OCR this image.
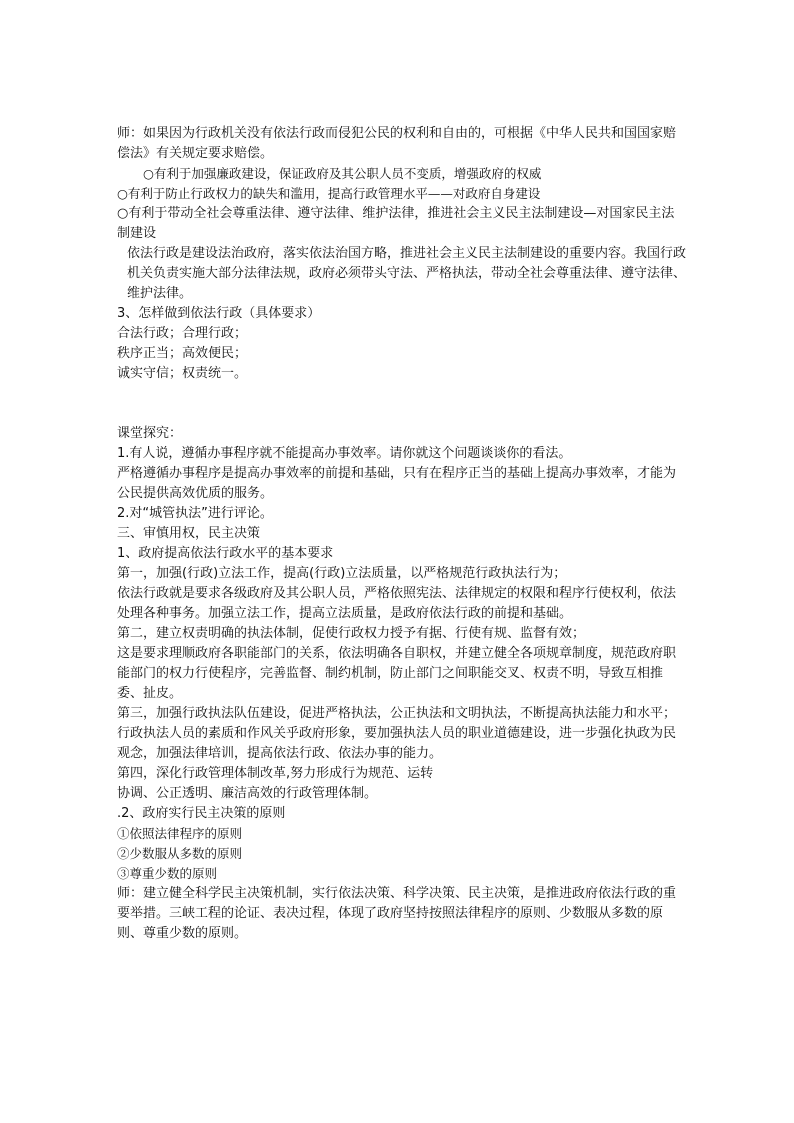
师：如果因为行政机关没有依法行政而侵犯公民的权利和自由的，可根据《中华人民共和国国家赔偿法》有关规定要求赔偿。

○有利于加强廉政建设，保证政府及其公职人员不变质，增强政府的权威

○有利于防止行政权力的缺失和滥用，提高行政管理水平——对政府自身建设

○有利于带动全社会尊重法律、遵守法律、维护法律，推进社会主义民主法制建设—对国家民主法制建设

依法行政是建设法治政府，落实依法治国方略，推进社会主义民主法制建设的重要内容。我国行政机关负责实施大部分法律法规，政府必须带头守法、严格执法，带动全社会尊重法律、遵守法律、维护法律。

3、怎样做到依法行政（具体要求）

合法行政；合理行政；

秩序正当；高效便民；

诚实守信；权责统一。

课堂探究：

1.有人说，遵循办事程序就不能提高办事效率。请你就这个问题谈谈你的看法。

严格遵循办事程序是提高办事效率的前提和基础，只有在程序正当的基础上提高办事效率，才能为公民提供高效优质的服务。

2.对“城管执法”进行评论。

三、审慎用权，民主决策

1、政府提高依法行政水平的基本要求

第一，加强(行政)立法工作，提高(行政)立法质量，以严格规范行政执法行为；

依法行政就是要求各级政府及其公职人员，严格依照宪法、法律规定的权限和程序行使权利，依法处理各种事务。加强立法工作，提高立法质量，是政府依法行政的前提和基础。

第二，建立权责明确的执法体制，促使行政权力授予有据、行使有规、监督有效；

这是要求理顺政府各职能部门的关系，依法明确各自职权，并建立健全各项规章制度，规范政府职能部门的权力行使程序，完善监督、制约机制，防止部门之间职能交叉、权责不明，导致互相推委、扯皮。

第三，加强行政执法队伍建设，促进严格执法，公正执法和文明执法，不断提高执法能力和水平；

行政执法人员的素质和作风关乎政府形象，要加强执法人员的职业道德建设，进一步强化执政为民观念，加强法律培训，提高依法行政、依法办事的能力。

第四，深化行政管理体制改革,努力形成行为规范、运转

协调、公正透明、廉洁高效的行政管理体制。

.2、政府实行民主决策的原则

①依照法律程序的原则

②少数服从多数的原则

③尊重少数的原则

师：建立健全科学民主决策机制，实行依法决策、科学决策、民主决策，是推进政府依法行政的重要举措。三峡工程的论证、表决过程，体现了政府坚持按照法律程序的原则、少数服从多数的原则、尊重少数的原则。
